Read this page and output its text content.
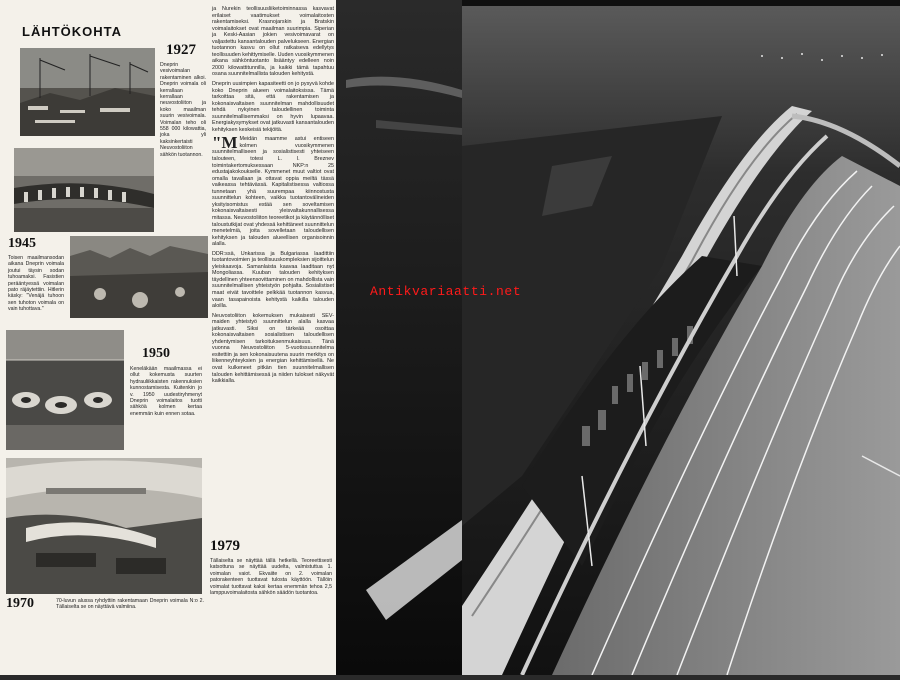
LÄHTÖKOHTA
1927
Dneprin vesivoimalan rakentaminen alkoi. Dneprin voimala oli kerrallaan kerrallaan neuvostoliiton ja koko maailman suurin vesivoimala. Voimalan teho oli 558 000 kilowattia, joka yli kaksinkertaisti Neuvostoliiton sähkön tuotannon.
1945
Toisen maailmansodan aikana Dneprin voimala joutui täysin sodan tuhoamaksi. Fasistien perääntyessä voimalan pato räjäytettiin. Hitlerin käsky: "Venäjä tuhoon sen tuhoton voimala on vain tuhottava."
1950
Keneläkään maailmassa ei ollut kokemusta suurten hydrauliikkaisten rakennuksien kunnostamisesta. Kuitenkin jo v. 1950 uudestiryhmenyt Dneprin voimalaitos tuotti sähköä kolmen kertaa enemmän kuin ennen sotaa.
1970	70-luvun alussa ryhdyttiin rakentamaan Dneprin voimala N:o 2. Tällaiselta se on näyttävä valmiina.
1979
Tällaiselta se näyttää tällä hetkellä. Teoreettisesti katsottuna se näyttää uudelta, valmistuttua 1. voimalan vaiot. Ekvaiite on 2. voimalan patorakenteen tuottavat tulosta käyttöön. Tällöin voimalat tuottavat kaksi kertaa enemmän tehoa 2,5 lamppuvoimalaitosta sähkön säädön tuotantoa.

ja Nurekin teollisuusliiketoiminnassa kasvavat erilaiset vaatimukset voimalaitosten rakentamiseksi. Krasnojarskin ja Bratskin voimalaitokset ovat maailman suurimpia. Siperian ja Keski-Aasian jokien vesivoimavarat on valjastettu kansantalouden palvelukseen. Energian tuotannon kasvu on ollut ratkaiseva edellytys teollisuuden kehittymiselle. Uuden vuosikymmenen aikana sähköntuotanto lisääntyy edelleen noin 2000 kilowattitunnilla, ja kaikki tämä tapahtuu osana suunnitelmallista talouden kehitystä.

Dneprin uusimpien kapasiteetti on jo pysyvä kohde koko Dneprin alueen voimalaitoksissa. Tämä tarkoittaa sitä, että rakentamisen ja kokonaisvaltaisen suunnitelman mahdollisuudet tehdä nykyinen taloudellinen toiminta suunnitelmallisemmaksi on hyvin lupaavaa. Energiakysymykset ovat jatkuvasti kansantalouden kehityksen keskeisiä tekijöitä.

"M Meidän maamme astui entiseen kolmen vuosikymmenen suunnitelmalliseen ja sosialistisesti yhteiseen talouteen, totesi L. I. Breznev toimintakertomuksessaan NKP:n 25 edustajakokoukselle. Kymmenet muut valtiot ovat omalla tavallaan ja ottavat oppia meiltä tässä vaikeassa tehtävässä. Kapitalistisessa valtiossa tunnetaan yhä suurempaa kiinnostusta suunnittelun kohteen, vaikka tuotantovälineiden yksityisomistus estää sen soveltamisen kokonaisvaltaisesti yleisvaltakunnallisessa mitassa. Neuvostoliiton teoreetikot ja käytännölliset taloustutkijat ovat yhdessä kehittäneet suunnittelun menetelmiä, joita sovelletaan taloudellisen kehityksen ja talouden alueellisen organisoinnin alalla.

DDR:ssä, Unkarissa ja Bulgariassa laadittiin tuotantovoimien ja teollisuuskompleksien sijoittelun yleiskaavoja. Samanlaista kaavaa laaditaan nyt Mongoliassa. Kuuban talouden kehityksen täydellinen yhteensovittaminen on mahdollista vain suunnitelmallisen yhteistyön pohjalta. Sosialistiset maat eivät tavoittele pelkkää tuotannon kasvua, vaan tasapainoista kehitystä kaikilla talouden aloilla.

Neuvostoliiton kokemuksen mukaisesti SEV-maiden yhteistyö suunnittelun alalla kasvaa jatkuvasti. Siksi on tärkeää osoittaa kokonaisvaltaisen sosialistisen taloudellisen yhdentymisen tarkoituksenmukaisuus. Tänä vuonna Neuvostoliiton 5-vuotissuunnitelma esitettiin ja sen kokonaisuutena suurin merkitys on liikenneyhteyksien ja energian kehittämisellä. Ne ovat kulkeneet pitkän tien suunnitelmallisen talouden kehittämisessä ja niiden tulokset näkyvät kaikkialla.

Antikvariaatti.net
